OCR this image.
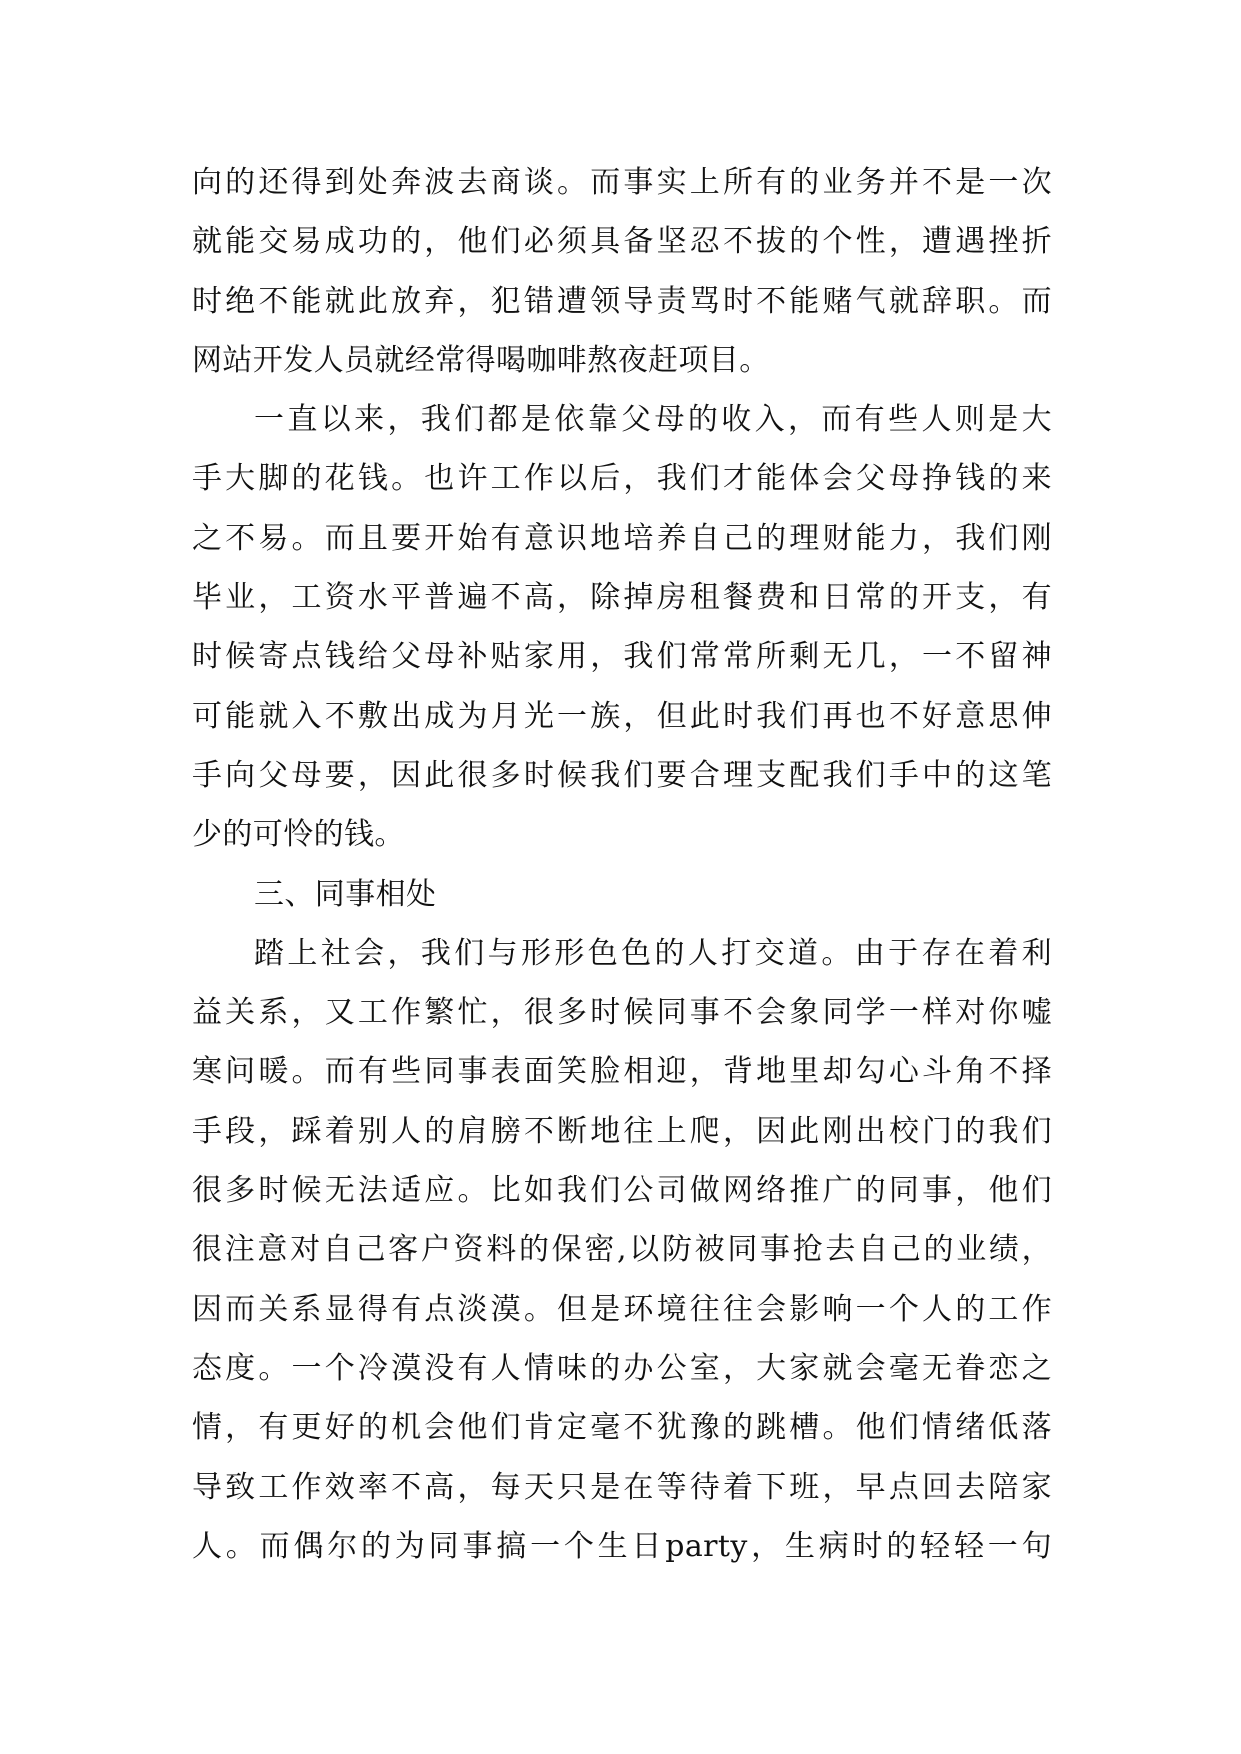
向的还得到处奔波去商谈。而事实上所有的业务并不是一次
就能交易成功的，他们必须具备坚忍不拔的个性，遭遇挫折
时绝不能就此放弃，犯错遭领导责骂时不能赌气就辞职。而
网站开发人员就经常得喝咖啡熬夜赶项目。
一直以来，我们都是依靠父母的收入，而有些人则是大
手大脚的花钱。也许工作以后，我们才能体会父母挣钱的来
之不易。而且要开始有意识地培养自己的理财能力，我们刚
毕业，工资水平普遍不高，除掉房租餐费和日常的开支，有
时候寄点钱给父母补贴家用，我们常常所剩无几，一不留神
可能就入不敷出成为月光一族，但此时我们再也不好意思伸
手向父母要，因此很多时候我们要合理支配我们手中的这笔
少的可怜的钱。
三、同事相处
踏上社会，我们与形形色色的人打交道。由于存在着利
益关系，又工作繁忙，很多时候同事不会象同学一样对你嘘
寒问暖。而有些同事表面笑脸相迎，背地里却勾心斗角不择
手段，踩着别人的肩膀不断地往上爬，因此刚出校门的我们
很多时候无法适应。比如我们公司做网络推广的同事，他们
很注意对自己客户资料的保密,以防被同事抢去自己的业绩，
因而关系显得有点淡漠。但是环境往往会影响一个人的工作
态度。一个冷漠没有人情味的办公室，大家就会毫无眷恋之
情，有更好的机会他们肯定毫不犹豫的跳槽。他们情绪低落
导致工作效率不高，每天只是在等待着下班，早点回去陪家
人。而偶尔的为同事搞一个生日party，生病时的轻轻一句
